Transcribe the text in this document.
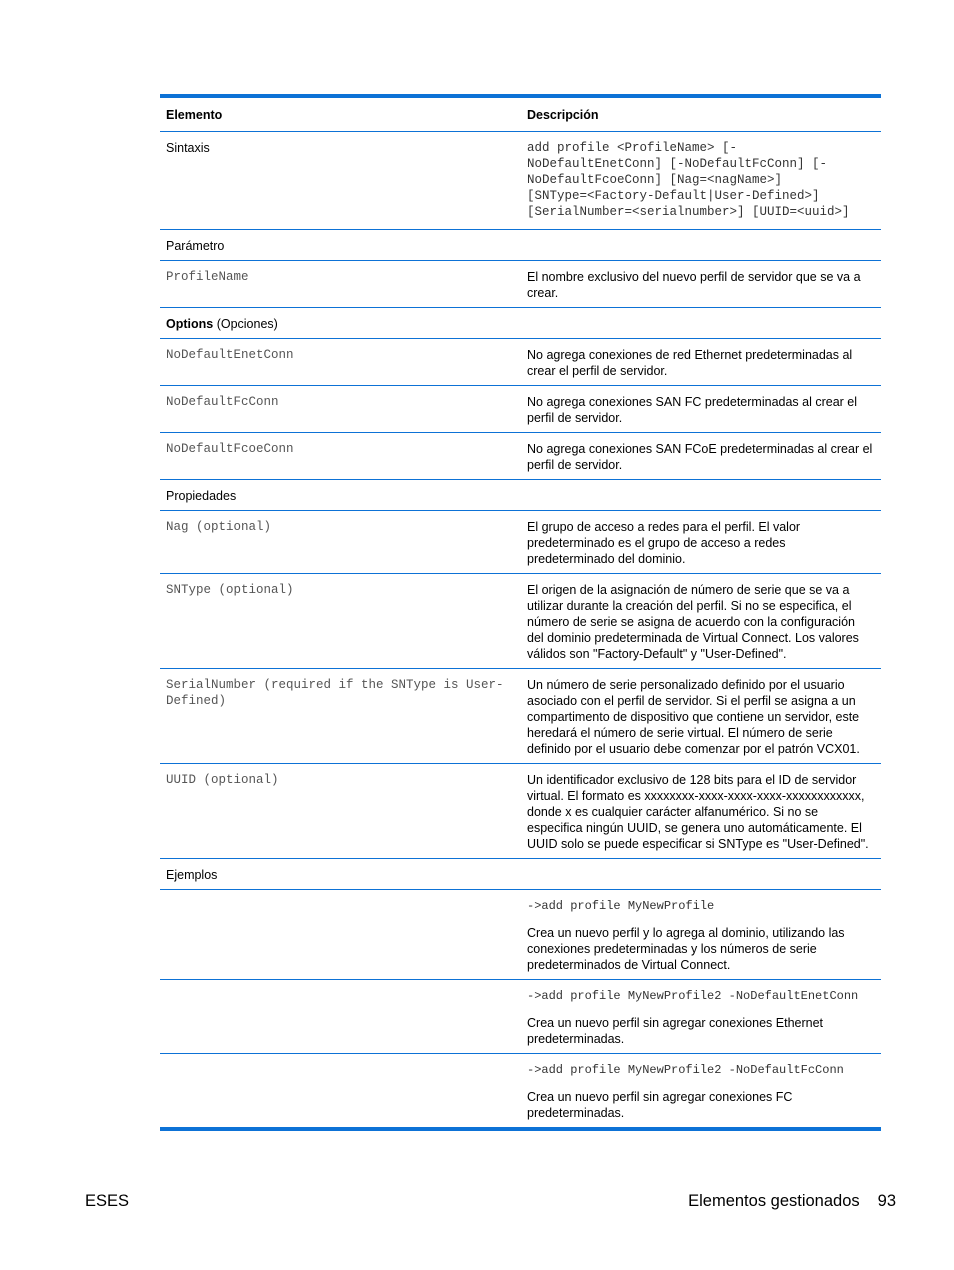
Elemento	Descripción
Sintaxis	add profile <ProfileName> [-
NoDefaultEnetConn] [-NoDefaultFcConn] [-
NoDefaultFcoeConn] [Nag=<nagName>]
[SNType=<Factory-Default|User-Defined>]
[SerialNumber=<serialnumber>] [UUID=<uuid>]

Parámetro	
ProfileName	El nombre exclusivo del nuevo perfil de servidor que se va a crear.
Options (Opciones)	
NoDefaultEnetConn	No agrega conexiones de red Ethernet predeterminadas al crear el perfil de servidor.
NoDefaultFcConn	No agrega conexiones SAN FC predeterminadas al crear el perfil de servidor.
NoDefaultFcoeConn	No agrega conexiones SAN FCoE predeterminadas al crear el perfil de servidor.
Propiedades	
Nag (optional)	El grupo de acceso a redes para el perfil. El valor predeterminado es el grupo de acceso a redes predeterminado del dominio.
SNType (optional)	El origen de la asignación de número de serie que se va a utilizar durante la creación del perfil. Si no se especifica, el número de serie se asigna de acuerdo con la configuración del dominio predeterminada de Virtual Connect. Los valores válidos son "Factory-Default" y "User-Defined".
SerialNumber (required if the SNType is User-Defined)	Un número de serie personalizado definido por el usuario asociado con el perfil de servidor. Si el perfil se asigna a un compartimento de dispositivo que contiene un servidor, este heredará el número de serie virtual. El número de serie definido por el usuario debe comenzar por el patrón VCX01.
UUID (optional)	Un identificador exclusivo de 128 bits para el ID de servidor virtual. El formato es xxxxxxxx-xxxx-xxxx-xxxx-xxxxxxxxxxxx, donde x es cualquier carácter alfanumérico. Si no se especifica ningún UUID, se genera uno automáticamente. El UUID solo se puede especificar si SNType es "User-Defined".
Ejemplos	

	->add profile MyNewProfile
Crea un nuevo perfil y lo agrega al dominio, utilizando las conexiones predeterminadas y los números de serie predeterminados de Virtual Connect.

	->add profile MyNewProfile2 -NoDefaultEnetConn
Crea un nuevo perfil sin agregar conexiones Ethernet predeterminadas.

	->add profile MyNewProfile2 -NoDefaultFcConn
Crea un nuevo perfil sin agregar conexiones FC predeterminadas.
ESES	Elementos gestionados 93
